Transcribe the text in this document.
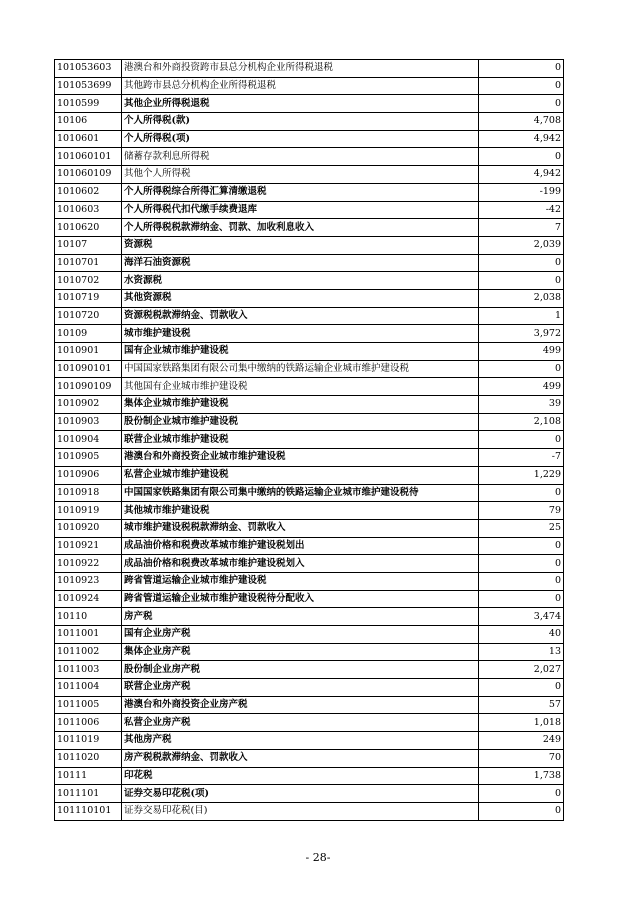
101053603	港澳台和外商投资跨市县总分机构企业所得税退税	0
101053699	其他跨市县总分机构企业所得税退税	0
1010599	其他企业所得税退税	0
10106	个人所得税(款)	4,708
1010601	个人所得税(项)	4,942
101060101	储蓄存款利息所得税	0
101060109	其他个人所得税	4,942
1010602	个人所得税综合所得汇算清缴退税	-199
1010603	个人所得税代扣代缴手续费退库	-42
1010620	个人所得税税款滞纳金、罚款、加收利息收入	7
10107	资源税	2,039
1010701	海洋石油资源税	0
1010702	水资源税	0
1010719	其他资源税	2,038
1010720	资源税税款滞纳金、罚款收入	1
10109	城市维护建设税	3,972
1010901	国有企业城市维护建设税	499
101090101	中国国家铁路集团有限公司集中缴纳的铁路运输企业城市维护建设税	0
101090109	其他国有企业城市维护建设税	499
1010902	集体企业城市维护建设税	39
1010903	股份制企业城市维护建设税	2,108
1010904	联营企业城市维护建设税	0
1010905	港澳台和外商投资企业城市维护建设税	-7
1010906	私营企业城市维护建设税	1,229
1010918	中国国家铁路集团有限公司集中缴纳的铁路运输企业城市维护建设税待	0
1010919	其他城市维护建设税	79
1010920	城市维护建设税税款滞纳金、罚款收入	25
1010921	成品油价格和税费改革城市维护建设税划出	0
1010922	成品油价格和税费改革城市维护建设税划入	0
1010923	跨省管道运输企业城市维护建设税	0
1010924	跨省管道运输企业城市维护建设税待分配收入	0
10110	房产税	3,474
1011001	国有企业房产税	40
1011002	集体企业房产税	13
1011003	股份制企业房产税	2,027
1011004	联营企业房产税	0
1011005	港澳台和外商投资企业房产税	57
1011006	私营企业房产税	1,018
1011019	其他房产税	249
1011020	房产税税款滞纳金、罚款收入	70
10111	印花税	1,738
1011101	证券交易印花税(项)	0
101110101	证券交易印花税(目)	0
- 28-
